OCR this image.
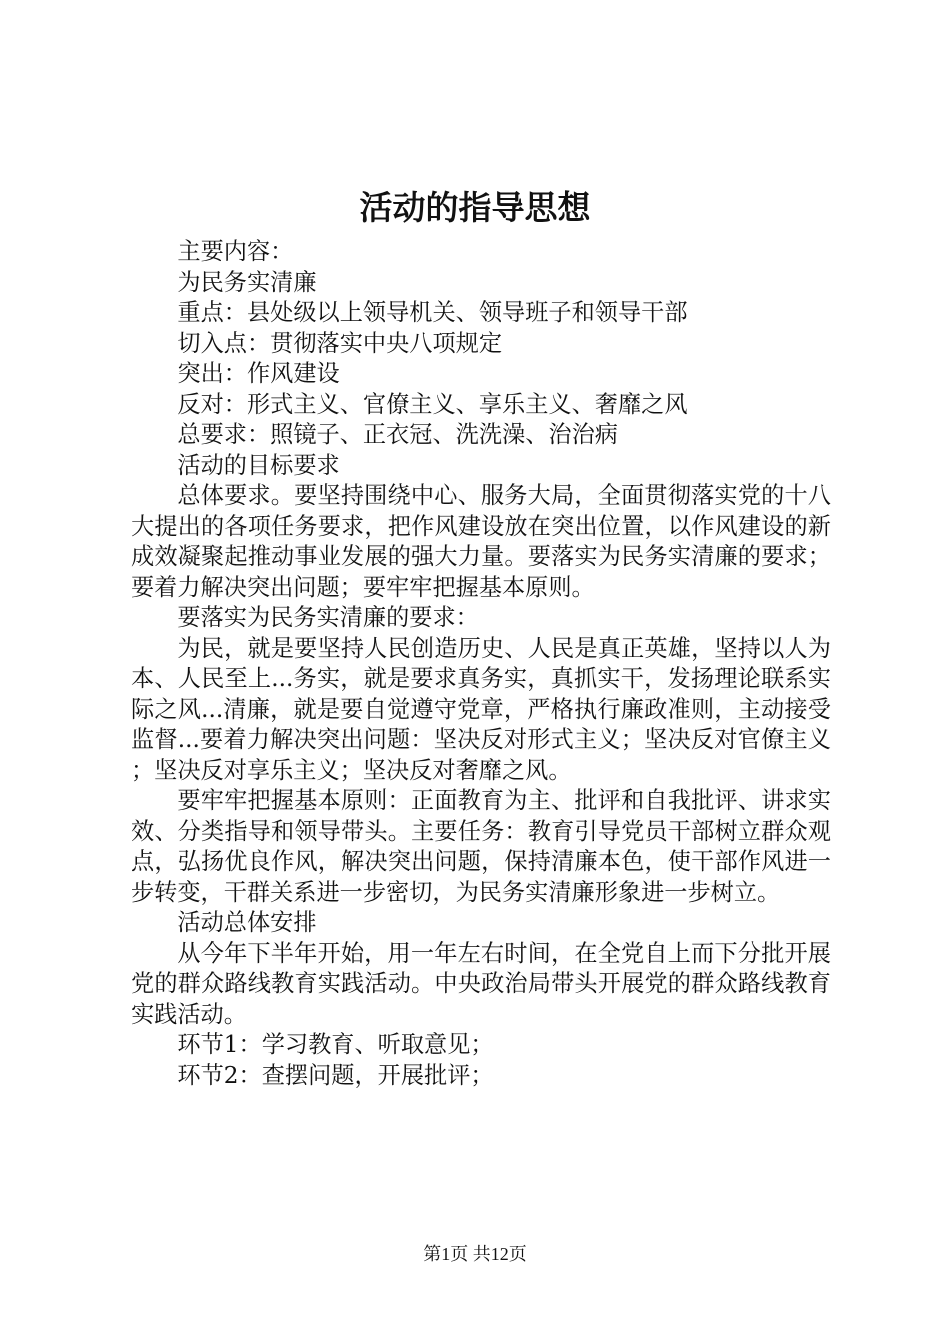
活动的指导思想

主要内容：

为民务实清廉

重点：县处级以上领导机关、领导班子和领导干部

切入点：贯彻落实中央八项规定

突出：作风建设

反对：形式主义、官僚主义、享乐主义、奢靡之风

总要求：照镜子、正衣冠、洗洗澡、治治病

活动的目标要求

总体要求。要坚持围绕中心、服务大局，全面贯彻落实党的十八大提出的各项任务要求，把作风建设放在突出位置，以作风建设的新成效凝聚起推动事业发展的强大力量。要落实为民务实清廉的要求；要着力解决突出问题；要牢牢把握基本原则。

要落实为民务实清廉的要求：

为民，就是要坚持人民创造历史、人民是真正英雄，坚持以人为本、人民至上...务实，就是要求真务实，真抓实干，发扬理论联系实际之风...清廉，就是要自觉遵守党章，严格执行廉政准则，主动接受监督...要着力解决突出问题：坚决反对形式主义；坚决反对官僚主义；坚决反对享乐主义；坚决反对奢靡之风。

要牢牢把握基本原则：正面教育为主、批评和自我批评、讲求实效、分类指导和领导带头。主要任务：教育引导党员干部树立群众观点，弘扬优良作风，解决突出问题，保持清廉本色，使干部作风进一步转变，干群关系进一步密切，为民务实清廉形象进一步树立。

活动总体安排

从今年下半年开始，用一年左右时间，在全党自上而下分批开展党的群众路线教育实践活动。中央政治局带头开展党的群众路线教育实践活动。

环节1：学习教育、听取意见；

环节2：查摆问题，开展批评；

第1页 共12页
